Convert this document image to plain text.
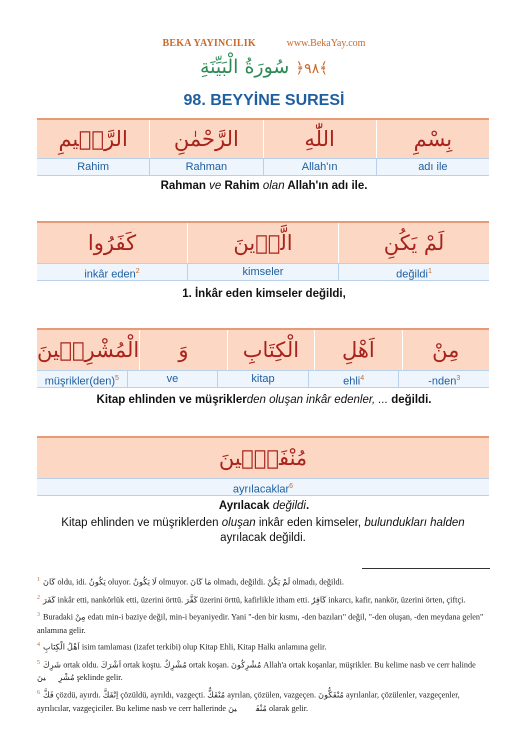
BEKA YAYINCILIK	www.BekaYay.com
﴾٩٨﴿ سُورَةُ الْبَيِّنَةِ
98. BEYYİNE SURESİ
بِسْمِ
اللّٰهِ
الرَّحْمٰنِ
الرَّح۪يمِ
adı ile
Allah'ın
Rahman
Rahim
Rahman ve Rahim olan Allah'ın adı ile.
لَمْ يَكُنِ
الَّذ۪ينَ
كَفَرُوا
değildi$^1$
kimseler
inkâr eden$^2$
1. İnkâr eden kimseler değildi,
مِنْ
اَهْلِ
الْكِتَابِ
وَ
الْمُشْرِك۪ينَ
-nden$^3$
ehli$^4$
kitap
ve
müşrikler(den)$^5$
Kitap ehlinden ve müşriklerden oluşan inkâr edenler, ... değildi.
مُنْفَكّ۪ينَ
ayrılacaklar$^6$
Ayrılacak değildi.
Kitap ehlinden ve müşriklerden oluşan inkâr eden kimseler, bulundukları halden ayrılacak değildi.

$^1$ كَانَ oldu, idi. يَكُونُ oluyor. لَا يَكُونُ olmuyor. مَا كَانَ olmadı, değildi. لَمْ يَكُنْ olmadı, değildi.

$^2$ كَفَرَ inkâr etti, nankörlük etti, üzerini örttü. كَفَّرَ üzerini örttü, kafirlikle itham etti. كَافِرٌ inkarcı, kafir, nankör, üzerini örten, çiftçi.

$^3$ Buradaki مِنْ edatı min-i baziye değil, min-i beyaniyedir. Yani "-den bir kısmı, -den bazıları" değil, "-den oluşan, -den meydana gelen" anlamına gelir.

$^4$ اَهْلُ الْكِتَابِ isim tamlaması (izafet terkibi) olup Kitap Ehli, Kitap Halkı anlamına gelir.

$^5$ شَرِكَ ortak oldu. اَشْرَكَ ortak koştu. مُشْرِكٌ ortak koşan. مُشْرِكُونَ Allah'a ortak koşanlar, müşrikler. Bu kelime nasb ve cerr halinde مُشْرِك۪ينَ şeklinde gelir.

$^6$ فَكَّ çözdü, ayırdı. اِنْفَكَّ çözüldü, ayrıldı, vazgeçti. مُنْفَكٌّ ayrılan, çözülen, vazgeçen. مُنْفَكُّونَ ayrılanlar, çözülenler, vazgeçenler, ayrılıcılar, vazgeçiciler. Bu kelime nasb ve cerr hallerinde مُنْفَكّ۪ينَ olarak gelir.
